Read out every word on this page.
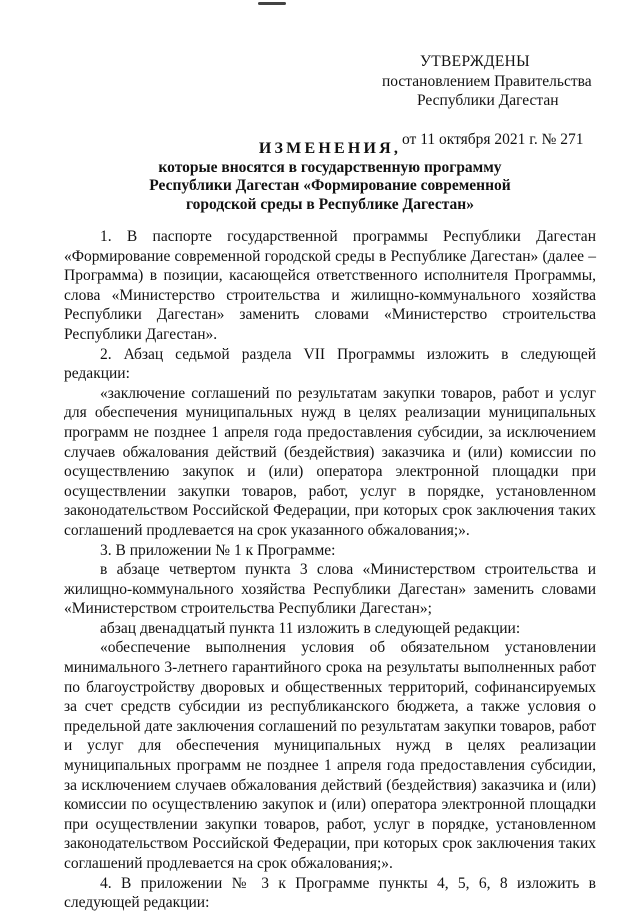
УТВЕРЖДЕНЫ
постановлением Правительства
Республики Дагестан
от 11 октября 2021 г. № 271
ИЗМЕНЕНИЯ,
которые вносятся в государственную программу
Республики Дагестан «Формирование современной
городской среды в Республике Дагестан»

1. В паспорте государственной программы Республики Дагестан «Формирование современной городской среды в Республике Дагестан» (далее – Программа) в позиции, касающейся ответственного исполнителя Программы, слова «Министерство строительства и жилищно-коммунального хозяйства Республики Дагестан» заменить словами «Министерство строительства Республики Дагестан».

2. Абзац седьмой раздела VII Программы изложить в следующей редакции:

«заключение соглашений по результатам закупки товаров, работ и услуг для обеспечения муниципальных нужд в целях реализации муниципальных программ не позднее 1 апреля года предоставления субсидии, за исключением случаев обжалования действий (бездействия) заказчика и (или) комиссии по осуществлению закупок и (или) оператора электронной площадки при осуществлении закупки товаров, работ, услуг в порядке, установленном законодательством Российской Федерации, при которых срок заключения таких соглашений продлевается на срок указанного обжалования;».

3. В приложении № 1 к Программе:

в абзаце четвертом пункта 3 слова «Министерством строительства и жилищно-коммунального хозяйства Республики Дагестан» заменить словами «Министерством строительства Республики Дагестан»;

абзац двенадцатый пункта 11 изложить в следующей редакции:

«обеспечение выполнения условия об обязательном установлении минимального 3-летнего гарантийного срока на результаты выполненных работ по благоустройству дворовых и общественных территорий, софинансируемых за счет средств субсидии из республиканского бюджета, а также условия о предельной дате заключения соглашений по результатам закупки товаров, работ и услуг для обеспечения муниципальных нужд в целях реализации муниципальных программ не позднее 1 апреля года предоставления субсидии, за исключением случаев обжалования действий (бездействия) заказчика и (или) комиссии по осуществлению закупок и (или) оператора электронной площадки при осуществлении закупки товаров, работ, услуг в порядке, установленном законодательством Российской Федерации, при которых срок заключения таких соглашений продлевается на срок обжалования;».

4. В приложении № 3 к Программе пункты 4, 5, 6, 8 изложить в следующей редакции:
